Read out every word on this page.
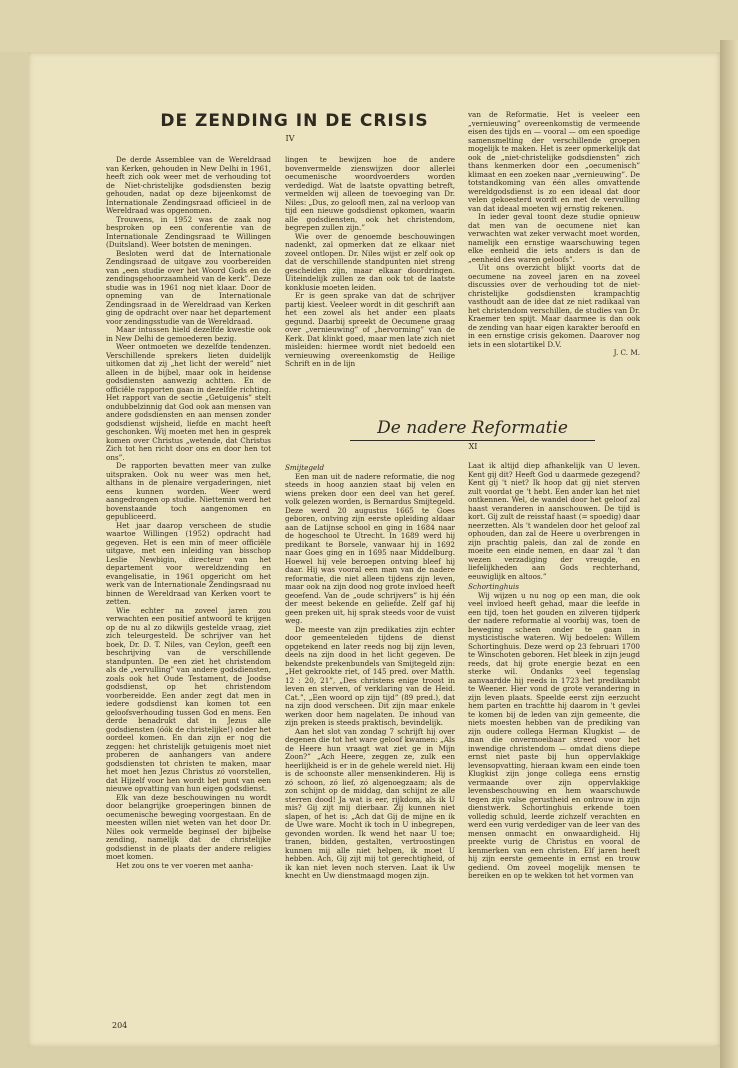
DE ZENDING IN DE CRISIS
IV

De derde Assemblee van de Wereldraad van Kerken, gehouden in New Delhi in 1961, heeft zich ook weer met de verhouding tot de Niet-christelijke godsdiensten bezig gehouden, nadat op deze bijeenkomst de Internationale Zendingsraad officieel in de Wereldraad was opgenomen.

Trouwens, in 1952 was de zaak nog besproken op een conferentie van de Internationale Zendingsraad te Willingen (Duitsland). Weer botsten de meningen.

Besloten werd dat de Internationale Zendingsraad de uitgave zou voorbereiden van „een studie over het Woord Gods en de zendingsgehoorzaamheid van de kerk”. Deze studie was in 1961 nog niet klaar. Door de opneming van de Internationale Zendingsraad in de Wereldraad van Kerken ging de opdracht over naar het departement voor zendingsstudie van de Wereldraad.

Maar intussen hield dezelfde kwestie ook in New Delhi de gemoederen bezig.

Weer ontmoeten we dezelfde tendenzen. Verschillende sprekers lieten duidelijk uitkomen dat zij „het licht der wereld” niet alleen in de bijbel, maar ook in heidense godsdiensten aanwezig achtten. En de officiële rapporten gaan in dezelfde richting. Het rapport van de sectie „Getuigenis” stelt ondubbelzinnig dat God ook aan mensen van andere godsdiensten en aan mensen zonder godsdienst wijsheid, liefde en macht heeft geschonken. Wij moeten met hen in gesprek komen over Christus „wetende, dat Christus Zich tot hen richt door ons en door hen tot ons”.

De rapporten bevatten meer van zulke uitspraken. Ook nu weer was men het, althans in de plenaire vergaderingen, niet eens kunnen worden. Weer werd aangedrongen op studie. Niettemin werd het bovenstaande toch aangenomen en gepubliceerd.

Het jaar daarop verscheen de studie waartoe Willingen (1952) opdracht had gegeven. Het is een min of meer officiële uitgave, met een inleiding van bisschop Leslie Newbigin, directeur van het departement voor wereldzending en evangelisatie, in 1961 opgericht om het werk van de Internationale Zendingsraad nu binnen de Wereldraad van Kerken voort te zetten.

Wie echter na zoveel jaren zou verwachten een positief antwoord te krijgen op de nu al zo dikwijls gestelde vraag, ziet zich teleurgesteld. De schrijver van het boek, Dr. D. T. Niles, van Ceylon, geeft een beschrijving van de verschillende standpunten. De een ziet het christendom als de „vervulling” van andere godsdiensten, zoals ook het Oude Testament, de Joodse godsdienst, op het christendom voorbereidde. Een ander zegt dat men in iedere godsdienst kan komen tot een geloofsverhouding tussen God en mens. Een derde benadrukt dat in Jezus alle godsdiensten (óók de christelijke!) onder het oordeel komen. En dan zijn er nog die zeggen: het christelijk getuigenis moet niet proberen de aanhangers van andere godsdiensten tot christen te maken, maar het moet hen Jezus Christus zó voorstellen, dat Hijzelf voor hen wordt het punt van een nieuwe opvatting van hun eigen godsdienst.

Elk van deze beschouwingen nu wordt door belangrijke groeperingen binnen de oecumenische beweging voorgestaan. En de meesten willen niet weten van het door Dr. Niles ook vermelde beginsel der bijbelse zending, namelijk dat de christelijke godsdienst in de plaats der andere religies moet komen.

Het zou ons te ver voeren met aanha-

lingen te bewijzen hoe de andere bovenvermelde zienswijzen door allerlei oecumenische woordvoerders worden verdedigd. Wat de laatste opvatting betreft, vermelden wij alleen de toevoeging van Dr. Niles: „Dus, zo geloofl men, zal na verloop van tijd een nieuwe godsdienst opkomen, waarin alle godsdiensten, ook het christendom, begrepen zullen zijn.”

Wie over de genoemde beschouwingen nadenkt, zal opmerken dat ze elkaar niet zoveel ontlopen. Dr. Niles wijst er zelf ook op dat de verschillende standpunten niet streng gescheiden zijn, maar elkaar doordringen. Uiteindelijk zullen ze dan ook tot de laatste konklusie moeten leiden.

Er is geen sprake van dat de schrijver partij kiest. Veeleer wordt in dit geschrift aan het een zowel als het ander een plaats gegund. Daarbij spreekt de Oecumene graag over „vernieuwing” of „hervorming” van de Kerk. Dat klinkt goed, maar men late zich niet misleiden: hiermee wordt niet bedoeld een vernieuwing overeenkomstig de Heilige Schrift en in de lijn

van de Reformatie. Het is veeleer een „vernieuwing” overeenkomstig de vermeende eisen des tijds en — vooral — om een spoedige samensmelting der verschillende groepen mogelijk te maken. Het is zeer opmerkelijk dat ook de „niet-christelijke godsdiensten” zich thans kenmerken door een „oecumenisch” klimaat en een zoeken naar „vernieuwing”. De totstandkoming van één alles omvattende wereldgodsdienst is zo een ideaal dat door velen gekoesterd wordt en met de vervulling van dat ideaal moeten wij ernstig rekenen.

In ieder geval toont deze studie opnieuw dat men van de oecumene niet kan verwachten wat zeker verwacht moet worden, namelijk een ernstige waarschuwing tegen elke eenheid die iets anders is dan de „eenheid des waren geloofs”.

Uit ons overzicht blijkt voorts dat de oecumene na zoveel jaren en na zoveel discussies over de verhouding tot de niet-christelijke godsdiensten krampachtig vasthoudt aan de idee dat ze niet radikaal van het christendom verschillen, de studies van Dr. Kraemer ten spijt. Maar daarmee is dan ook de zending van haar eigen karakter beroofd en in een ernstige crisis gekomen. Daarover nog iets in een slotartikel D.V.

J. C. M.

De nadere Reformatie
XI

Smijtegeld

Een man uit de nadere reformatie, die nog steeds in hoog aanzien staat bij velen en wiens preken door een deel van het geref. volk gelezen worden, is Bernardus Smijtegeld. Deze werd 20 augustus 1665 te Goes geboren, ontving zijn eerste opleiding aldaar aan de Latijnse school en ging in 1684 naar de hogeschool te Utrecht. In 1689 werd hij predikant te Borsele, vanwaar hij in 1692 naar Goes ging en in 1695 naar Middelburg. Hoewel hij vele beroepen ontving bleef hij daar. Hij was vooral een man van de nadere reformatie, die niet alleen tijdens zijn leven, maar ook na zijn dood nog grote invloed heeft geoefend. Van de „oude schrijvers” is hij één der meest bekende en geliefde. Zelf gaf hij geen preken uit, hij sprak steeds voor de vuist weg.

De meeste van zijn predikaties zijn echter door gemeenteleden tijdens de dienst opgetekend en later reeds nog bij zijn leven, deels na zijn dood in het licht gegeven. De bekendste prekenbundels van Smijtegeld zijn: „Het gekrookte riet, of 145 pred. over Matth. 12 : 20, 21”, „Des christens enige troost in leven en sterven, of verklaring van de Heid. Cat.”, „Een woord op zijn tijd” (89 pred.), dat na zijn dood verscheen. Dit zijn maar enkele werken door hem nagelaten. De inhoud van zijn preken is steeds praktisch, bevindelijk.

Aan het slot van zondag 7 schrijft hij over degenen die tot het ware geloof kwamen: „Als de Heere hun vraagt wat ziet ge in Mijn Zoon?” „Ach Heere, zeggen ze, zulk een heerlijkheid is er in de gehele wereld niet. Hij is de schoonste aller mensenkinderen. Hij is zó schoon, zó lief, zó algenoegzaam; als de zon schijnt op de middag, dan schijnt ze alle sterren dood! Ja wat is eer, rijkdom, als ik U mis? Gij zijt mij dierbaar. Zij kunnen niet slapen, of het is: „Ach dat Gij de mijne en ik de Uwe ware. Mocht ik toch in U inbegrepen, gevonden worden. Ik wend het naar U toe; tranen, bidden, gestalten, vertroostingen kunnen mij alle niet helpen, ik moet U hebben. Ach, Gij zijt mij tot gerechtigheid, of ik kan niet leven noch sterven. Laat ik Uw knecht en Uw dienstmaagd mogen zijn.

Laat ik altijd diep afhankelijk van U leven. Kent gij dit? Heeft God u daarmede gezegend? Kent gij 't niet? Ik hoop dat gij niet sterven zult voordat ge 't hebt. Een ander kan het niet ontkennen. Wel, de wandel door het geloof zal haast veranderen in aanschouwen. De tijd is kort. Gij zult de reisstaf haast (= spoedig) daar neerzetten. Als 't wandelen door het geloof zal ophouden, dan zal de Heere u overbrengen in zijn prachtig paleis, dan zal de zonde en moeite een einde nemen, en daar zal 't dan wezen verzadiging der vreugde, en liefelijkheden aan Gods rechterhand, eeuwiglijk en altoos.”

Schortinghuis

Wij wijzen u nu nog op een man, die ook veel invloed heeft gehad, maar die leefde in een tijd, toen het gouden en zilveren tijdperk der nadere reformatie al voorbij was, toen de beweging scheen onder te gaan in mysticistische wateren. Wij bedoelen: Willem Schortinghuis. Deze werd op 23 februari 1700 te Winschoten geboren. Het bleek in zijn jeugd reeds, dat hij grote energie bezat en een sterke wil. Ondanks veel tegenslag aanvaardde hij reeds in 1723 het predikambt te Weener. Hier vond de grote verandering in zijn leven plaats. Speelde eerst zijn eerzucht hem parten en trachtte hij daarom in 't gevlei te komen bij de leden van zijn gemeente, die niets moesten hebben van de prediking van zijn oudere collega Herman Klugkist — de man die onvermoeibaar streed voor het inwendige christendom — omdat diens diepe ernst niet paste bij hun oppervlakkige levensopvatting, hieraan kwam een einde toen Klugkist zijn jonge collega eens ernstig vermaande over zijn oppervlakkige levensbeschouwing en hem waarschuwde tegen zijn valse gerustheid en ontrouw in zijn dienstwerk. Schortinghuis erkende toen volledig schuld, leerde zichzelf verachten en werd een vurig verdediger van de leer van des mensen onmacht en onwaardigheid. Hij preekte vurig de Christus en vooral de kenmerken van een christen. Elf jaren heeft hij zijn eerste gemeente in ernst en trouw gediend. Om zoveel mogelijk mensen te bereiken en op te wekken tot het vormen van

204
